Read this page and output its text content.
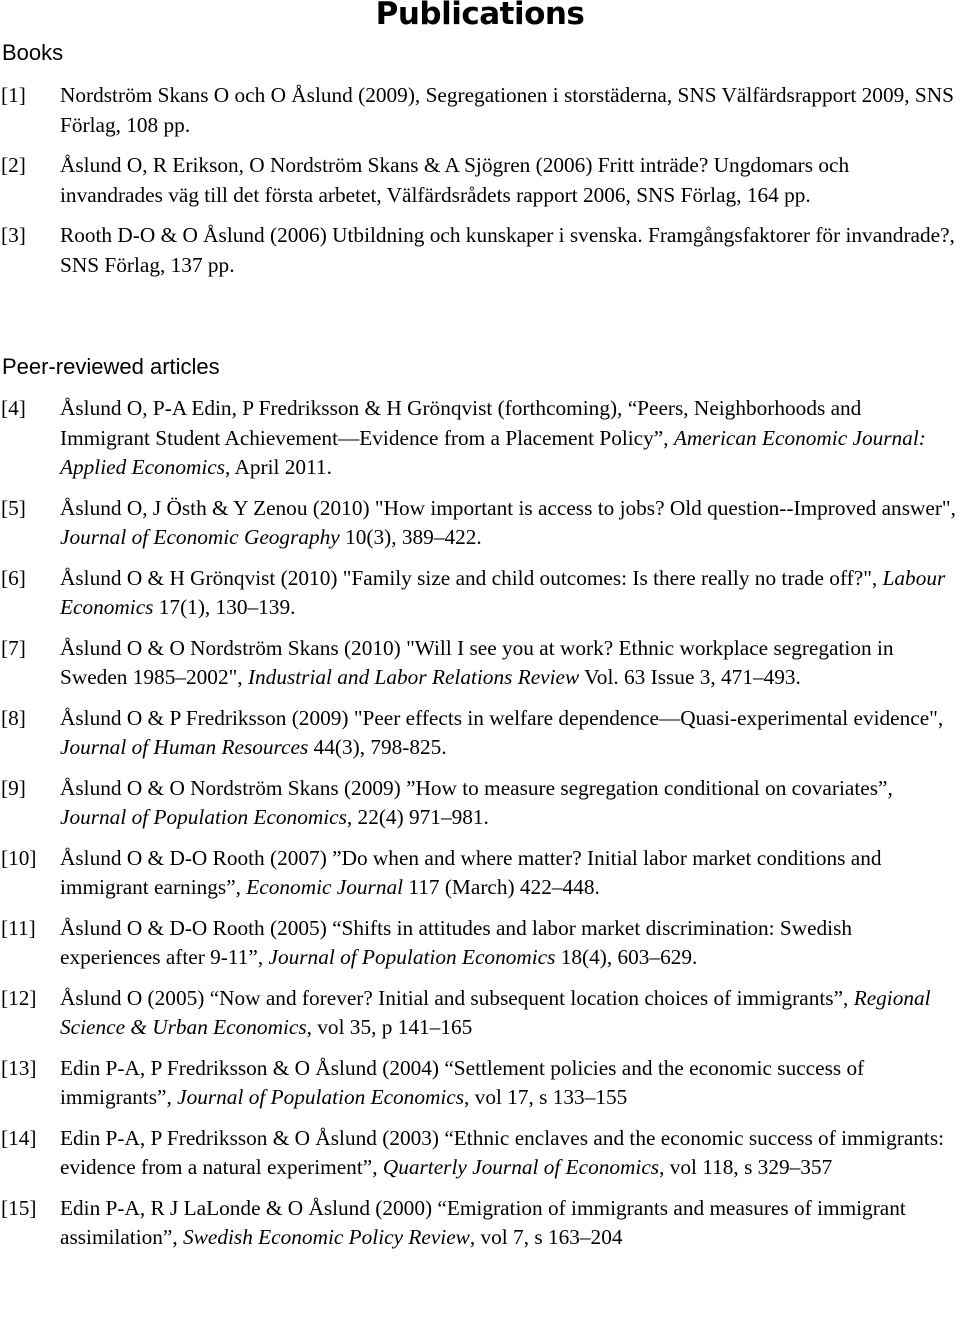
Publications
Books
[1] Nordström Skans O och O Åslund (2009), Segregationen i storstäderna, SNS Välfärdsrapport 2009, SNS Förlag, 108 pp.
[2] Åslund O, R Erikson, O Nordström Skans & A Sjögren (2006) Fritt inträde? Ungdomars och invandrades väg till det första arbetet, Välfärdsrådets rapport 2006, SNS Förlag, 164 pp.
[3] Rooth D-O & O Åslund (2006) Utbildning och kunskaper i svenska. Framgångsfaktorer för invandrade?, SNS Förlag, 137 pp.
Peer-reviewed articles
[4] Åslund O, P-A Edin, P Fredriksson & H Grönqvist (forthcoming), “Peers, Neighborhoods and Immigrant Student Achievement—Evidence from a Placement Policy”, American Economic Journal: Applied Economics, April 2011.
[5] Åslund O, J Östh & Y Zenou (2010) "How important is access to jobs? Old question--Improved answer", Journal of Economic Geography 10(3), 389–422.
[6] Åslund O & H Grönqvist (2010) "Family size and child outcomes: Is there really no trade off?", Labour Economics 17(1), 130–139.
[7] Åslund O & O Nordström Skans (2010) "Will I see you at work? Ethnic workplace segregation in Sweden 1985–2002", Industrial and Labor Relations Review Vol. 63 Issue 3, 471–493.
[8] Åslund O & P Fredriksson (2009) "Peer effects in welfare dependence—Quasi-experimental evidence", Journal of Human Resources 44(3), 798-825.
[9] Åslund O & O Nordström Skans (2009) ”How to measure segregation conditional on covariates”, Journal of Population Economics, 22(4) 971–981.
[10] Åslund O & D-O Rooth (2007) ”Do when and where matter? Initial labor market conditions and immigrant earnings”, Economic Journal 117 (March) 422–448.
[11] Åslund O & D-O Rooth (2005) “Shifts in attitudes and labor market discrimination: Swedish experiences after 9-11”, Journal of Population Economics 18(4), 603–629.
[12] Åslund O (2005) “Now and forever? Initial and subsequent location choices of immigrants”, Regional Science & Urban Economics, vol 35, p 141–165
[13] Edin P-A, P Fredriksson & O Åslund (2004) “Settlement policies and the economic success of immigrants”, Journal of Population Economics, vol 17, s 133–155
[14] Edin P-A, P Fredriksson & O Åslund (2003) “Ethnic enclaves and the economic success of immigrants: evidence from a natural experiment”, Quarterly Journal of Economics, vol 118, s 329–357
[15] Edin P-A, R J LaLonde & O Åslund (2000) “Emigration of immigrants and measures of immigrant assimilation”, Swedish Economic Policy Review, vol 7, s 163–204
